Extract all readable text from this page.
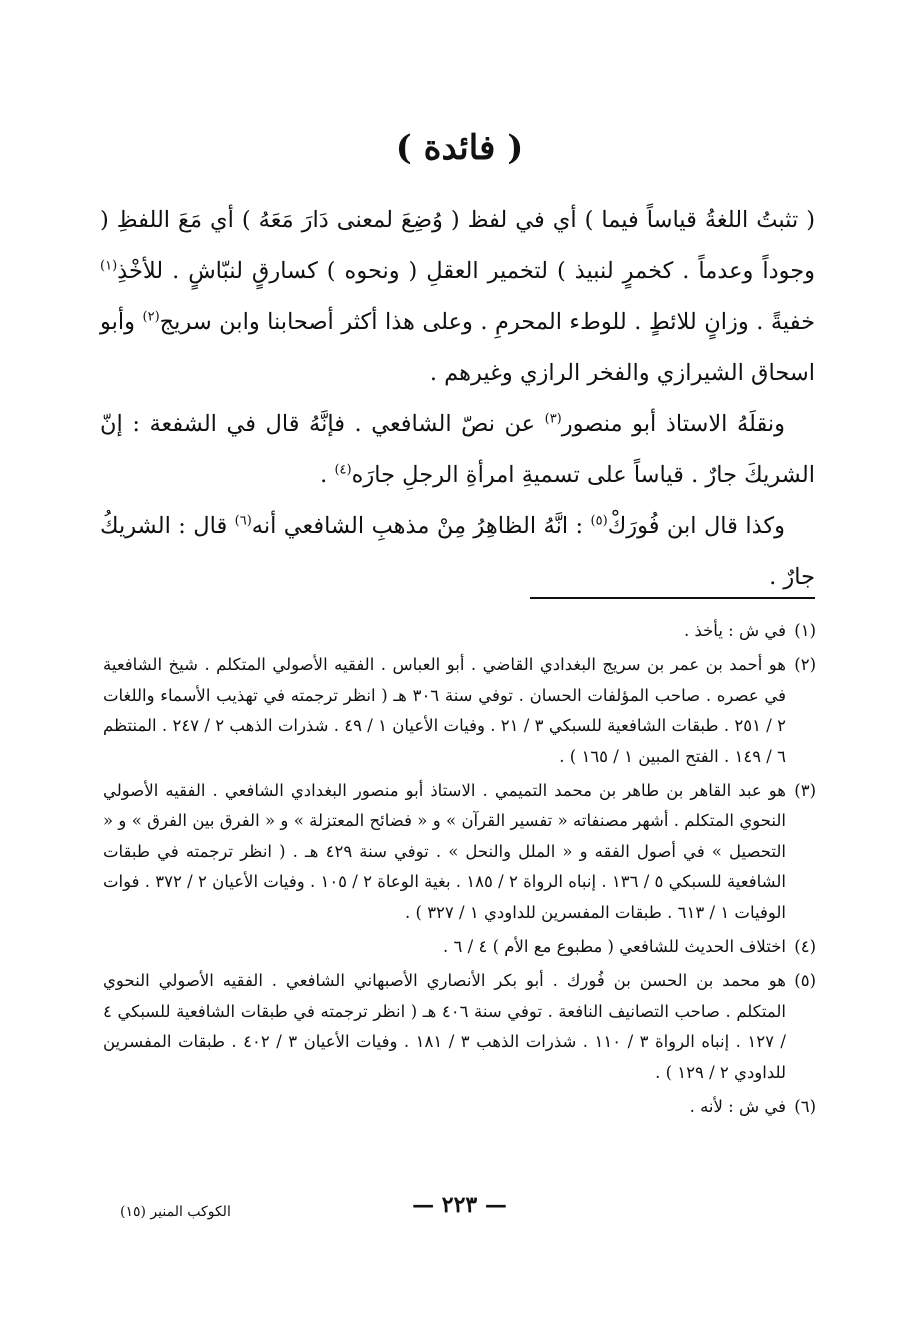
( فائدة )

( تثبتُ اللغةُ قياساً فيما ) أي في لفظ ( وُضِعَ لمعنى دَارَ مَعَهُ ) أي مَعَ اللفظِ ( وجوداً وعدماً . كخمرٍ لنبيذ ) لتخمير العقلِ ( ونحوه ) كسارقٍ لنبّاشٍ . للأخْذِ$^{(١)}$ خفيةً . وزانٍ للائطٍ . للوطء المحرمِ . وعلى هذا أكثر أصحابنا وابن سريج$^{(٢)}$ وأبو اسحاق الشيرازي والفخر الرازي وغيرهم .

ونقلَهُ الاستاذ أبو منصور$^{(٣)}$ عن نصّ الشافعي . فإنَّهُ قال في الشفعة : إنّ الشريكَ جارٌ . قياساً على تسميةِ امرأةِ الرجلِ جارَه$^{(٤)}$ .

وكذا قال ابن فُورَكْ$^{(٥)}$ : انَّهُ الظاهِرُ مِنْ مذهبِ الشافعي أنه$^{(٦)}$ قال : الشريكُ جارٌ .

(١)
في ش : يأخذ .
(٢)
هو أحمد بن عمر بن سريج البغدادي القاضي . أبو العباس . الفقيه الأصولي المتكلم . شيخ الشافعية في عصره . صاحب المؤلفات الحسان . توفي سنة ٣٠٦ هـ ( انظر ترجمته في تهذيب الأسماء واللغات ٢ / ٢٥١ . طبقات الشافعية للسبكي ٣ / ٢١ . وفيات الأعيان ١ / ٤٩ . شذرات الذهب ٢ / ٢٤٧ . المنتظم ٦ / ١٤٩ . الفتح المبين ١ / ١٦٥ ) .
(٣)
هو عبد القاهر بن طاهر بن محمد التميمي . الاستاذ أبو منصور البغدادي الشافعي . الفقيه الأصولي النحوي المتكلم . أشهر مصنفاته « تفسير القرآن » و « فضائح المعتزلة » و « الفرق بين الفرق » و « التحصيل » في أصول الفقه و « الملل والنحل » . توفي سنة ٤٢٩ هـ . ( انظر ترجمته في طبقات الشافعية للسبكي ٥ / ١٣٦ . إنباه الرواة ٢ / ١٨٥ . بغية الوعاة ٢ / ١٠٥ . وفيات الأعيان ٢ / ٣٧٢ . فوات الوفيات ١ / ٦١٣ . طبقات المفسرين للداودي ١ / ٣٢٧ ) .
(٤)
اختلاف الحديث للشافعي ( مطبوع مع الأم ) ٤ / ٦ .
(٥)
هو محمد بن الحسن بن فُورك . أبو بكر الأنصاري الأصبهاني الشافعي . الفقيه الأصولي النحوي المتكلم . صاحب التصانيف النافعة . توفي سنة ٤٠٦ هـ ( انظر ترجمته في طبقات الشافعية للسبكي ٤ / ١٢٧ . إنباه الرواة ٣ / ١١٠ . شذرات الذهب ٣ / ١٨١ . وفيات الأعيان ٣ / ٤٠٢ . طبقات المفسرين للداودي ٢ / ١٢٩ ) .
(٦)
في ش : لأنه .
— ٢٢٣ —
الكوكب المنير (١٥)
